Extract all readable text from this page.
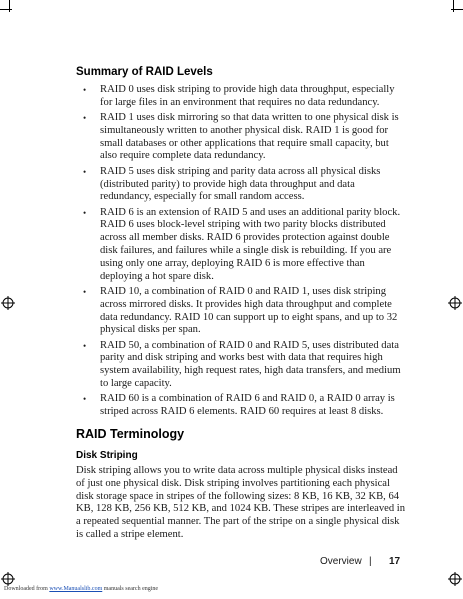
Summary of RAID Levels
• RAID 0 uses disk striping to provide high data throughput, especially for large files in an environment that requires no data redundancy.
• RAID 1 uses disk mirroring so that data written to one physical disk is simultaneously written to another physical disk. RAID 1 is good for small databases or other applications that require small capacity, but also require complete data redundancy.
• RAID 5 uses disk striping and parity data across all physical disks (distributed parity) to provide high data throughput and data redundancy, especially for small random access.
• RAID 6 is an extension of RAID 5 and uses an additional parity block. RAID 6 uses block-level striping with two parity blocks distributed across all member disks. RAID 6 provides protection against double disk failures, and failures while a single disk is rebuilding. If you are using only one array, deploying RAID 6 is more effective than deploying a hot spare disk.
• RAID 10, a combination of RAID 0 and RAID 1, uses disk striping across mirrored disks. It provides high data throughput and complete data redundancy. RAID 10 can support up to eight spans, and up to 32 physical disks per span.
• RAID 50, a combination of RAID 0 and RAID 5, uses distributed data parity and disk striping and works best with data that requires high system availability, high request rates, high data transfers, and medium to large capacity.
• RAID 60 is a combination of RAID 6 and RAID 0, a RAID 0 array is striped across RAID 6 elements. RAID 60 requires at least 8 disks.
RAID Terminology
Disk Striping

Disk striping allows you to write data across multiple physical disks instead of just one physical disk. Disk striping involves partitioning each physical disk storage space in stripes of the following sizes: 8 KB, 16 KB, 32 KB, 64 KB, 128 KB, 256 KB, 512 KB, and 1024 KB. These stripes are interleaved in a repeated sequential manner. The part of the stripe on a single physical disk is called a stripe element.

Overview | 17
Downloaded from www.Manualslib.com manuals search engine
